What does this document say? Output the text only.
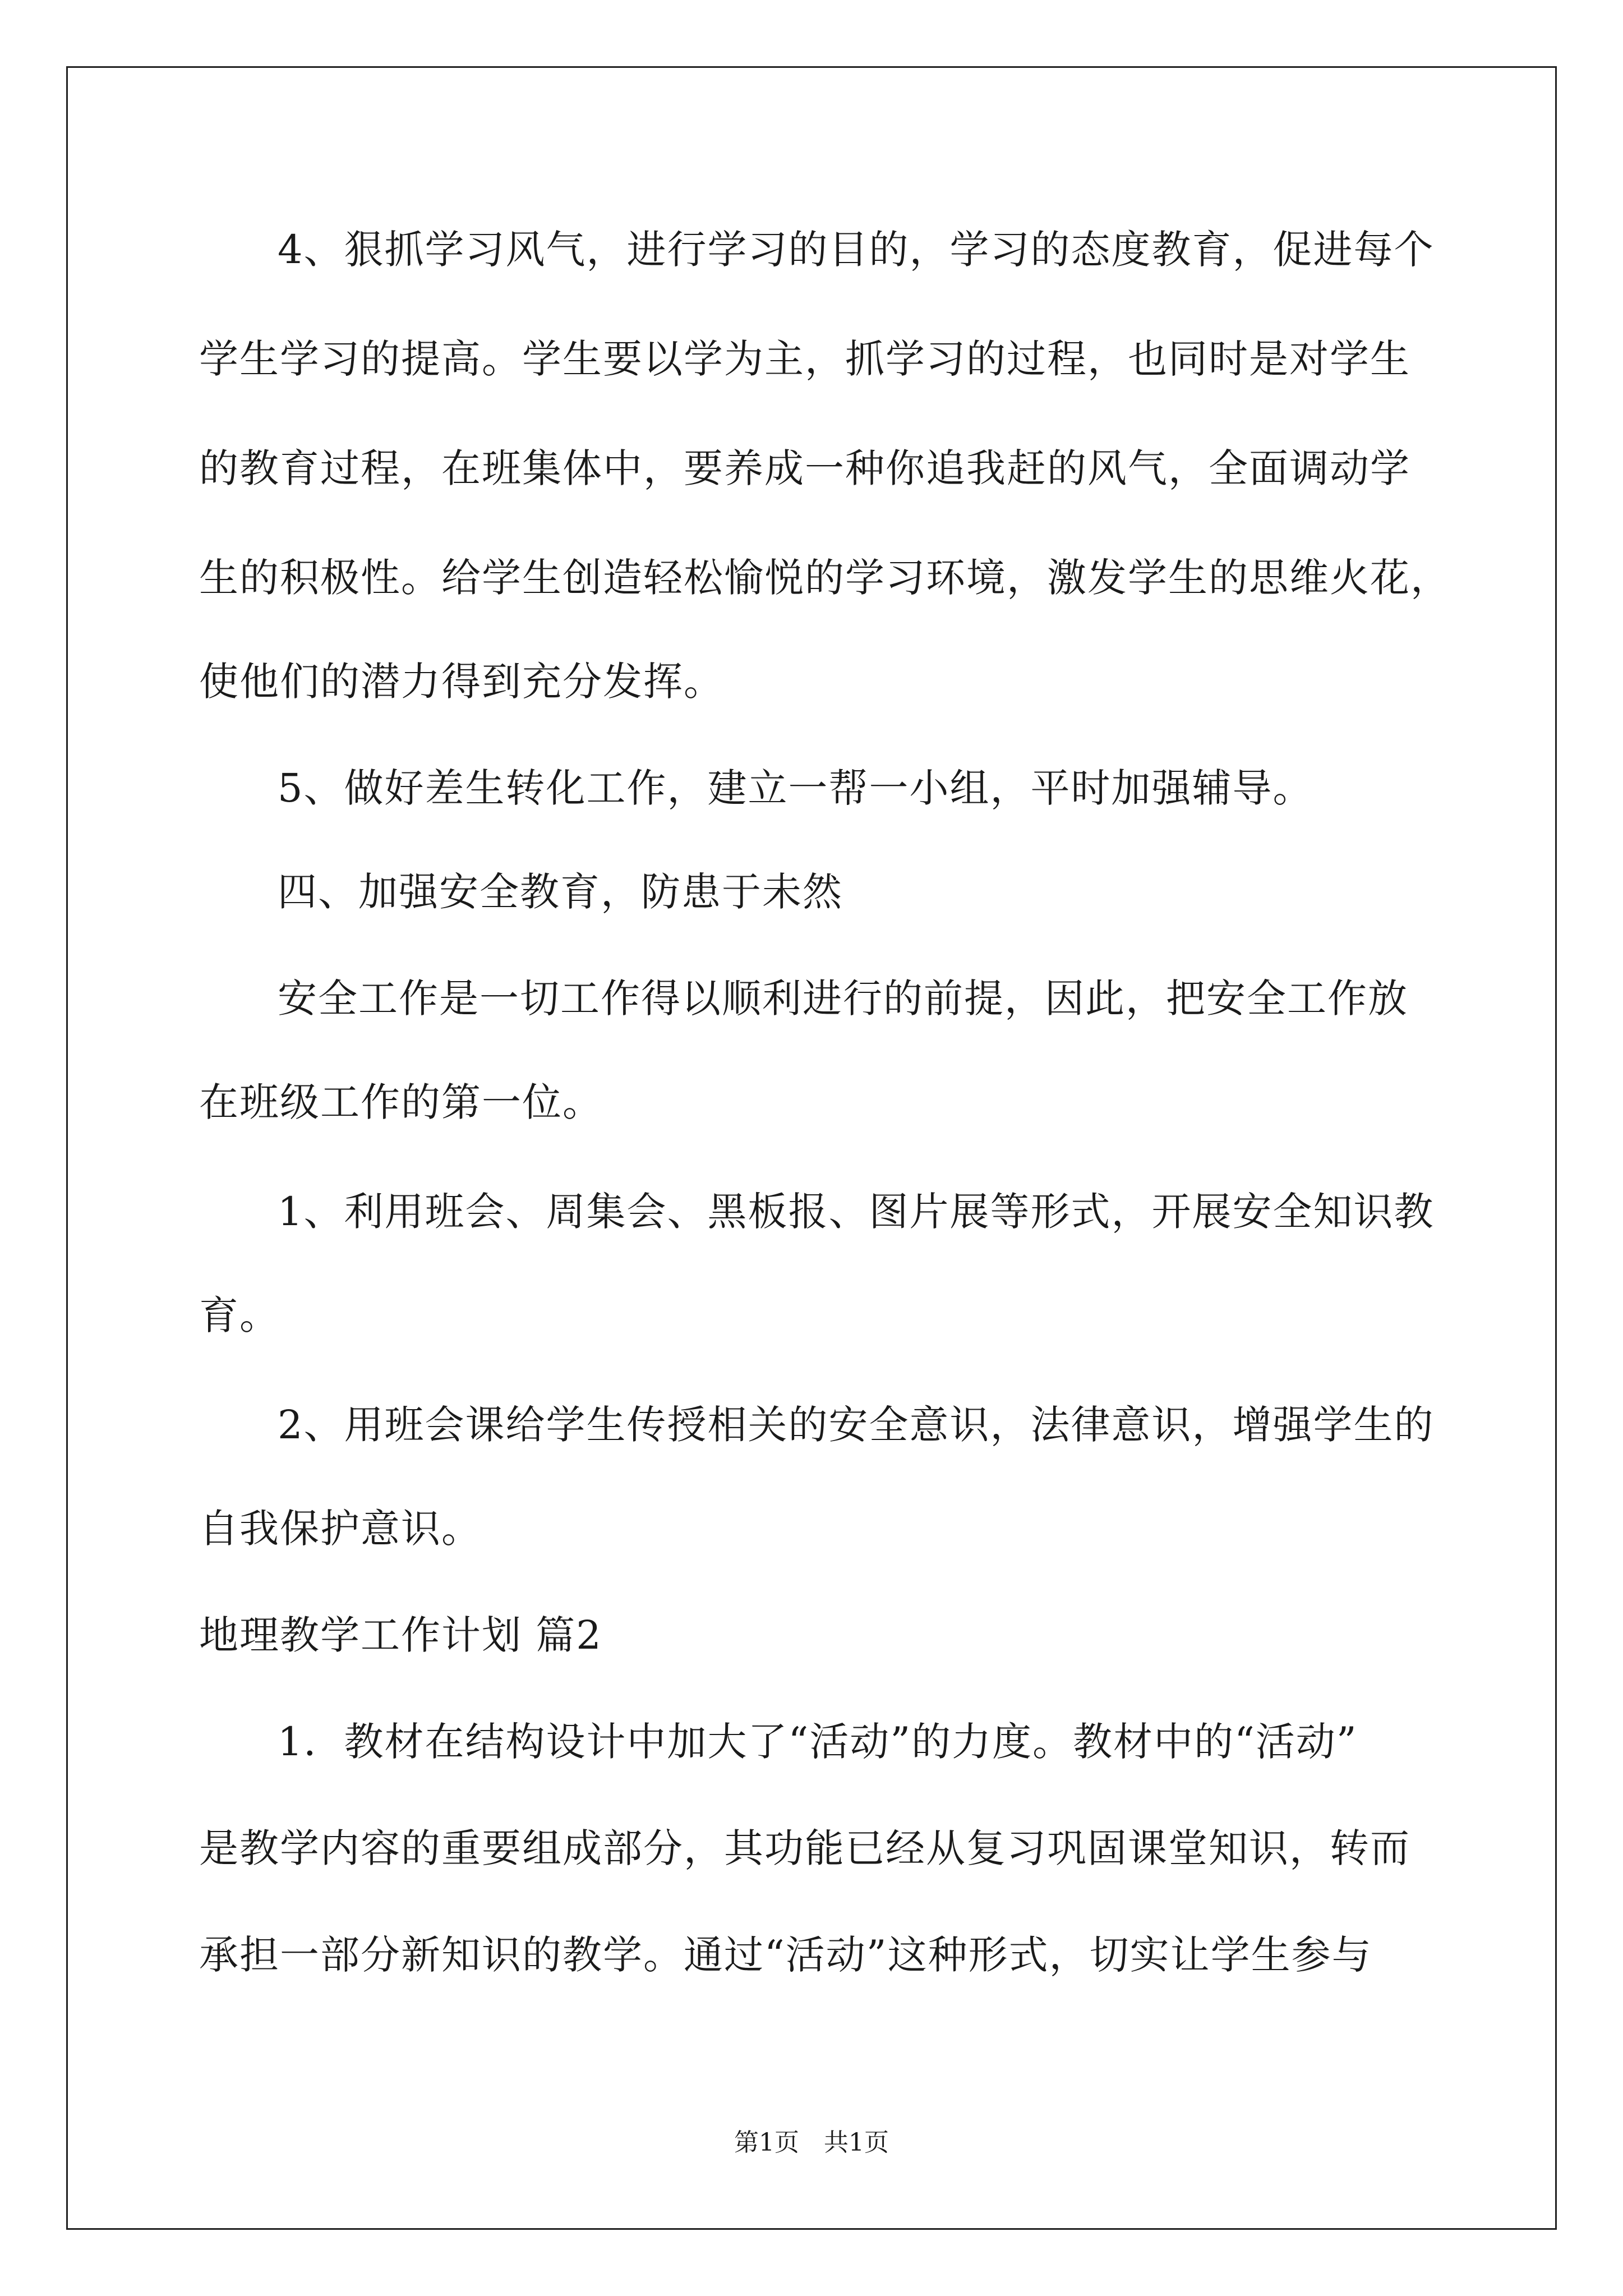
4、狠抓学习风气，进行学习的目的，学习的态度教育，促进每个
学生学习的提高。学生要以学为主，抓学习的过程，也同时是对学生
的教育过程，在班集体中，要养成一种你追我赶的风气，全面调动学
生的积极性。给学生创造轻松愉悦的学习环境，激发学生的思维火花，
使他们的潜力得到充分发挥。
5、做好差生转化工作，建立一帮一小组，平时加强辅导。
四、加强安全教育，防患于未然
安全工作是一切工作得以顺利进行的前提，因此，把安全工作放
在班级工作的第一位。
1、利用班会、周集会、黑板报、图片展等形式，开展安全知识教
育。
2、用班会课给学生传授相关的安全意识，法律意识，增强学生的
自我保护意识。
地理教学工作计划 篇2
1．教材在结构设计中加大了“活动”的力度。教材中的“活动”
是教学内容的重要组成部分，其功能已经从复习巩固课堂知识，转而
承担一部分新知识的教学。通过“活动”这种形式，切实让学生参与
第1页　共1页
